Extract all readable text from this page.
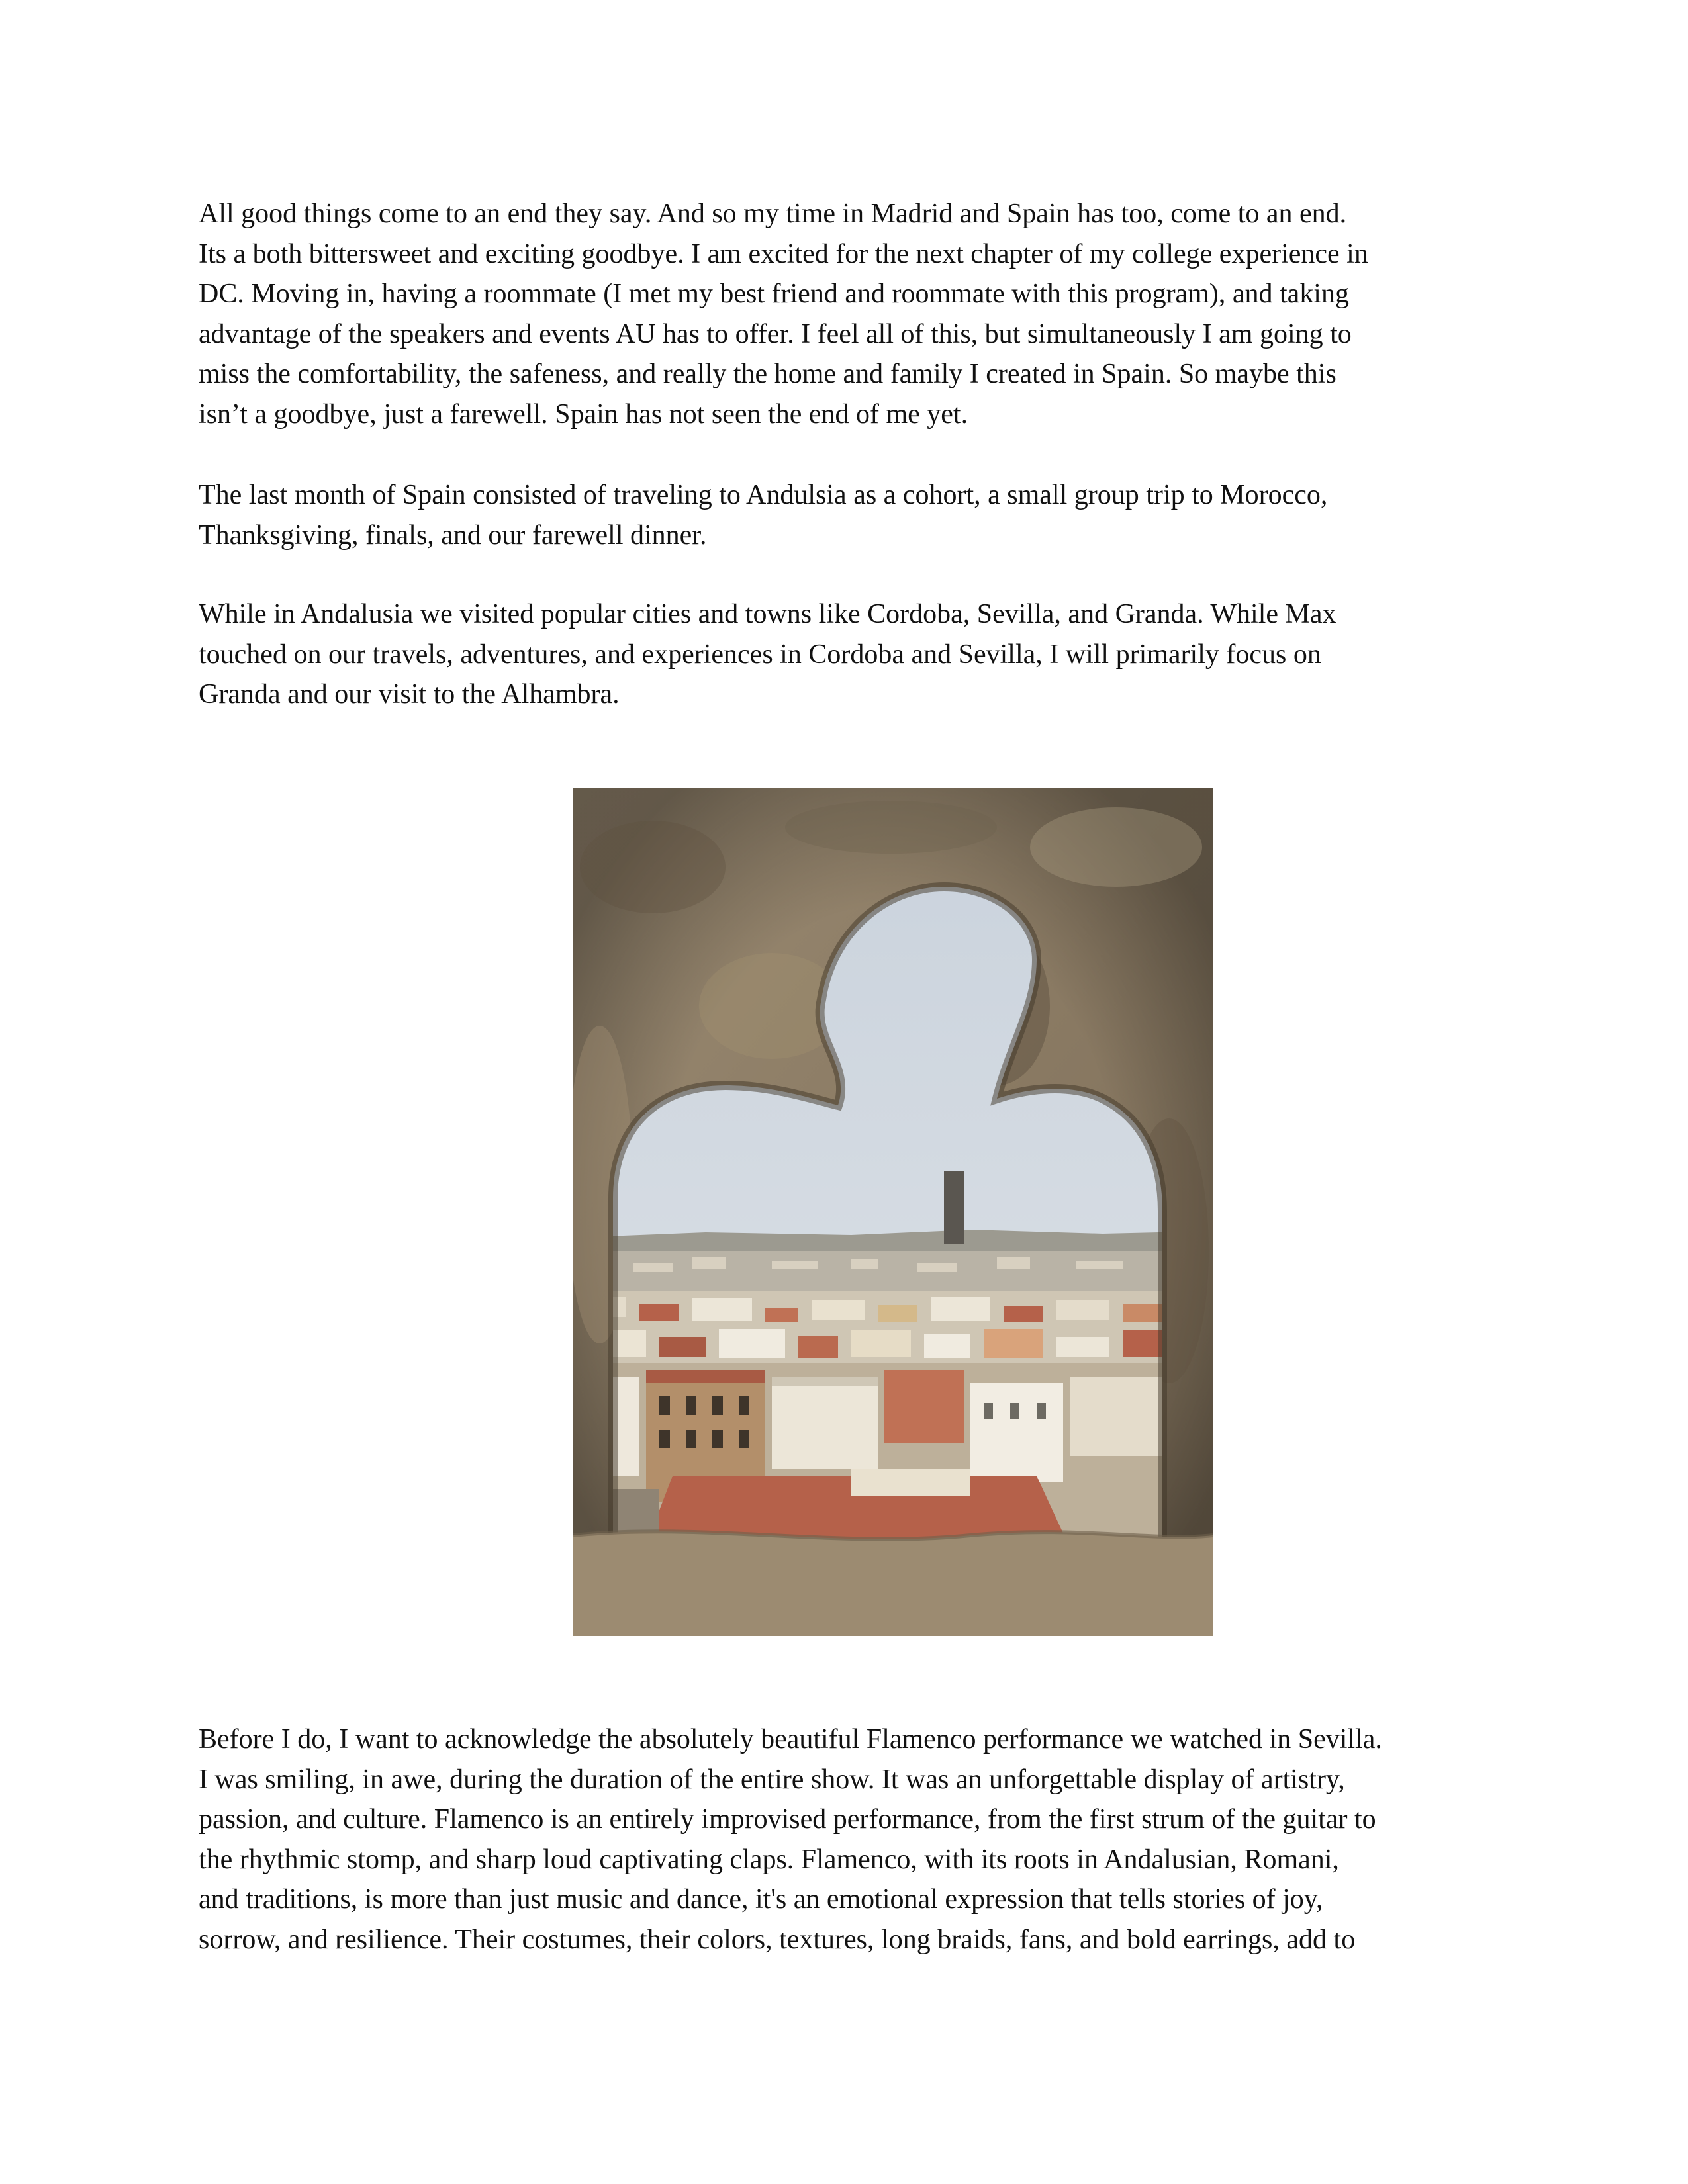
All good things come to an end they say. And so my time in Madrid and Spain has too, come to an end.
Its a both bittersweet and exciting goodbye. I am excited for the next chapter of my college experience in
DC. Moving in, having a roommate (I met my best friend and roommate with this program), and taking
advantage of the speakers and events AU has to offer. I feel all of this, but simultaneously I am going to
miss the comfortability, the safeness, and really the home and family I created in Spain. So maybe this
isn’t a goodbye, just a farewell. Spain has not seen the end of me yet.

The last month of Spain consisted of traveling to Andulsia as a cohort, a small group trip to Morocco,
Thanksgiving, finals, and our farewell dinner.

While in Andalusia we visited popular cities and towns like Cordoba, Sevilla, and Granda. While Max
touched on our travels, adventures, and experiences in Cordoba and Sevilla, I will primarily focus on
Granda and our visit to the Alhambra.

Before I do, I want to acknowledge the absolutely beautiful Flamenco performance we watched in Sevilla.
I was smiling, in awe, during the duration of the entire show. It was an unforgettable display of artistry,
passion, and culture. Flamenco is an entirely improvised performance, from the first strum of the guitar to
the rhythmic stomp, and sharp loud captivating claps. Flamenco, with its roots in Andalusian, Romani,
and traditions, is more than just music and dance, it's an emotional expression that tells stories of joy,
sorrow, and resilience. Their costumes, their colors, textures, long braids, fans, and bold earrings, add to
